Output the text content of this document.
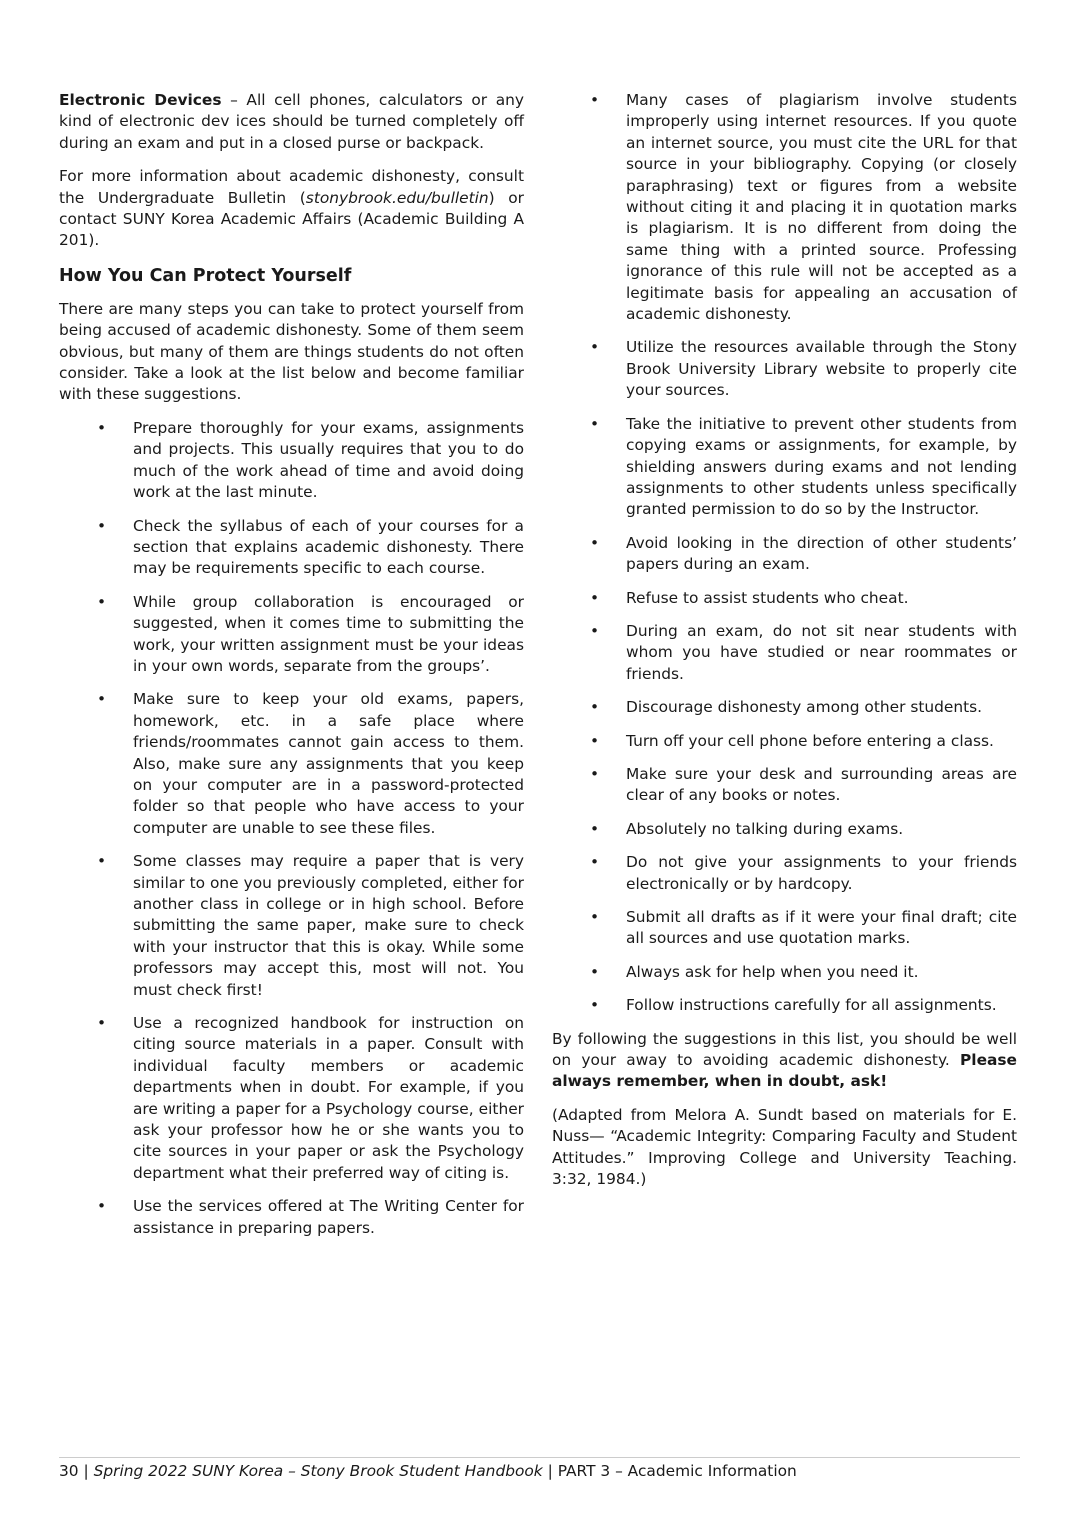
Electronic Devices – All cell phones, calculators or any kind of electronic dev ices should be turned completely off during an exam and put in a closed purse or backpack.

For more information about academic dishonesty, consult the Undergraduate Bulletin (stonybrook.edu/bulletin) or contact SUNY Korea Academic Affairs (Academic Building A 201).

How You Can Protect Yourself

There are many steps you can take to protect yourself from being accused of academic dishonesty. Some of them seem obvious, but many of them are things students do not often consider. Take a look at the list below and become familiar with these suggestions.

• Prepare thoroughly for your exams, assignments and projects. This usually requires that you to do much of the work ahead of time and avoid doing work at the last minute.
• Check the syllabus of each of your courses for a section that explains academic dishonesty. There may be requirements specific to each course.
• While group collaboration is encouraged or suggested, when it comes time to submitting the work, your written assignment must be your ideas in your own words, separate from the groups’.
• Make sure to keep your old exams, papers, homework, etc. in a safe place where friends/roommates cannot gain access to them. Also, make sure any assignments that you keep on your computer are in a password-protected folder so that people who have access to your computer are unable to see these files.
• Some classes may require a paper that is very similar to one you previously completed, either for another class in college or in high school. Before submitting the same paper, make sure to check with your instructor that this is okay. While some professors may accept this, most will not. You must check first!
• Use a recognized handbook for instruction on citing source materials in a paper. Consult with individual faculty members or academic departments when in doubt. For example, if you are writing a paper for a Psychology course, either ask your professor how he or she wants you to cite sources in your paper or ask the Psychology department what their preferred way of citing is.
• Use the services offered at The Writing Center for assistance in preparing papers.
• Many cases of plagiarism involve students improperly using internet resources. If you quote an internet source, you must cite the URL for that source in your bibliography. Copying (or closely paraphrasing) text or figures from a website without citing it and placing it in quotation marks is plagiarism. It is no different from doing the same thing with a printed source. Professing ignorance of this rule will not be accepted as a legitimate basis for appealing an accusation of academic dishonesty.
• Utilize the resources available through the Stony Brook University Library website to properly cite your sources.
• Take the initiative to prevent other students from copying exams or assignments, for example, by shielding answers during exams and not lending assignments to other students unless specifically granted permission to do so by the Instructor.
• Avoid looking in the direction of other students’ papers during an exam.
• Refuse to assist students who cheat.
• During an exam, do not sit near students with whom you have studied or near roommates or friends.
• Discourage dishonesty among other students.
• Turn off your cell phone before entering a class.
• Make sure your desk and surrounding areas are clear of any books or notes.
• Absolutely no talking during exams.
• Do not give your assignments to your friends electronically or by hardcopy.
• Submit all drafts as if it were your final draft; cite all sources and use quotation marks.
• Always ask for help when you need it.
• Follow instructions carefully for all assignments.

By following the suggestions in this list, you should be well on your away to avoiding academic dishonesty. Please always remember, when in doubt, ask!

(Adapted from Melora A. Sundt based on materials for E. Nuss— “Academic Integrity: Comparing Faculty and Student Attitudes.” Improving College and University Teaching. 3:32, 1984.)

30 | Spring 2022 SUNY Korea – Stony Brook Student Handbook | PART 3 – Academic Information
